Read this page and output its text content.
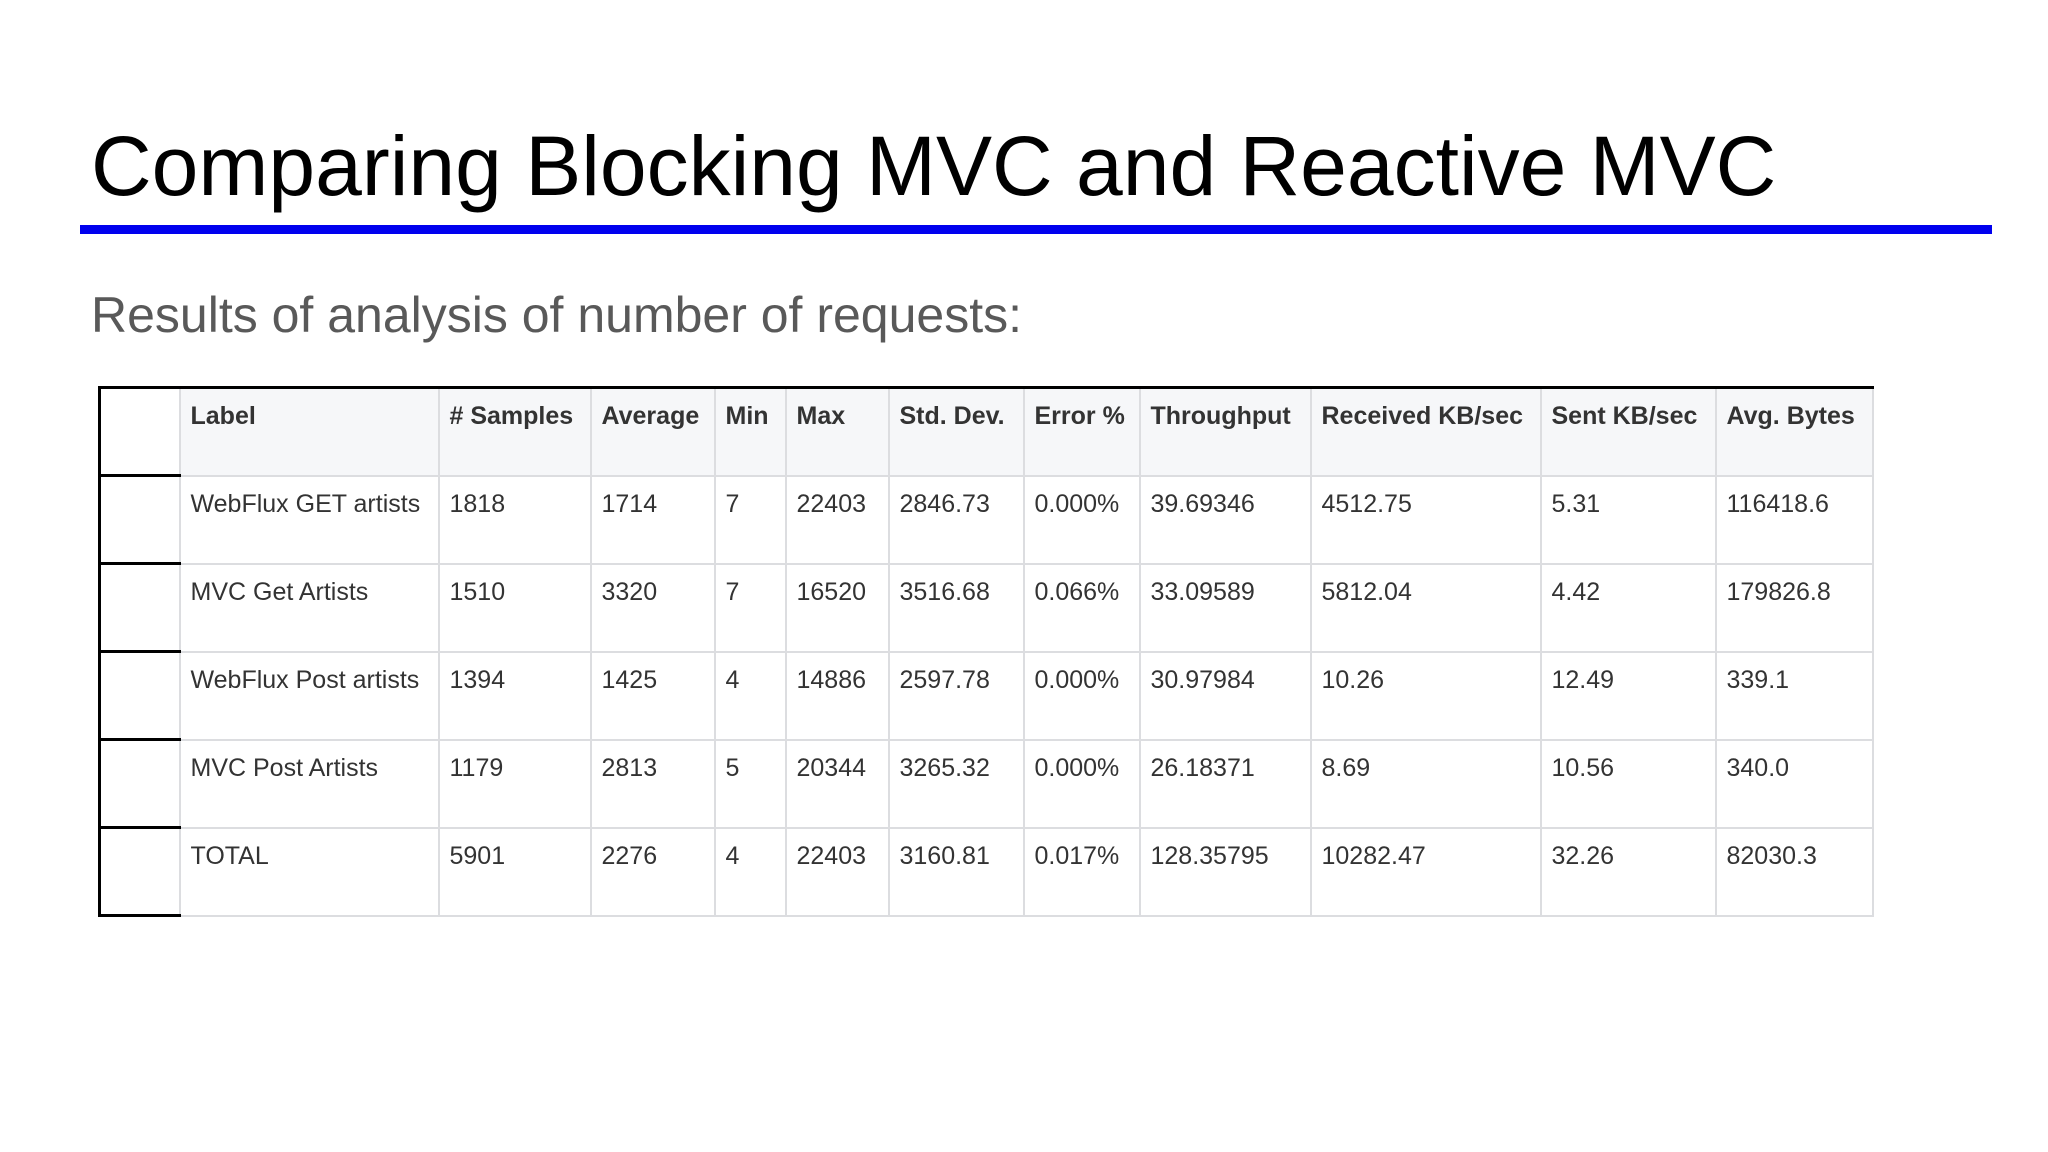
Comparing Blocking MVC and Reactive MVC

Results of analysis of number of requests:

	Label	# Samples	Average	Min	Max	Std. Dev.	Error %	Throughput	Received KB/sec	Sent KB/sec	Avg. Bytes
	WebFlux GET artists	1818	1714	7	22403	2846.73	0.000%	39.69346	4512.75	5.31	116418.6
	MVC Get Artists	1510	3320	7	16520	3516.68	0.066%	33.09589	5812.04	4.42	179826.8
	WebFlux Post artists	1394	1425	4	14886	2597.78	0.000%	30.97984	10.26	12.49	339.1
	MVC Post Artists	1179	2813	5	20344	3265.32	0.000%	26.18371	8.69	10.56	340.0
	TOTAL	5901	2276	4	22403	3160.81	0.017%	128.35795	10282.47	32.26	82030.3
